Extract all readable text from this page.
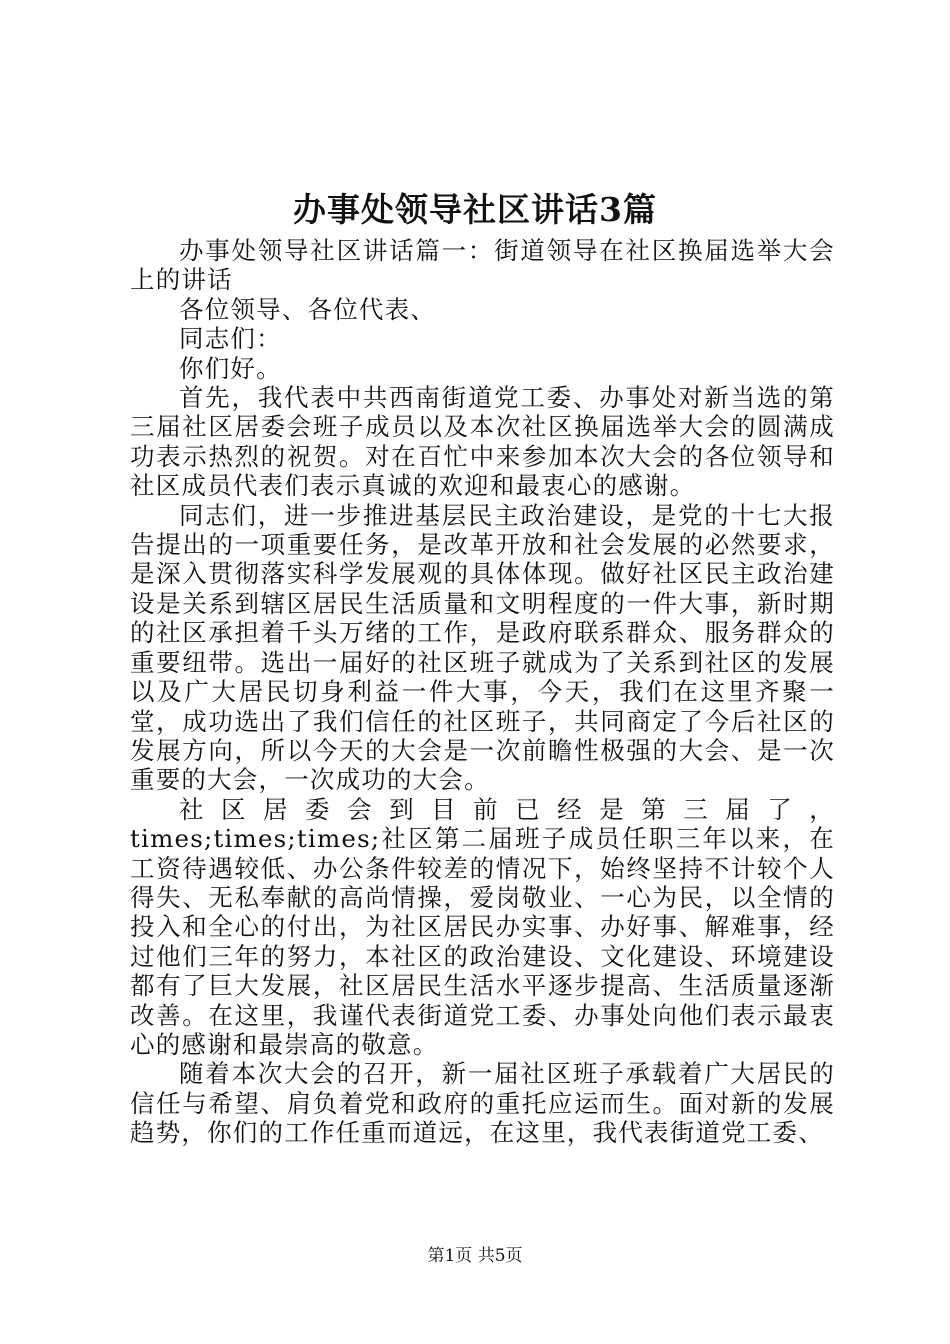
办事处领导社区讲话3篇

办事处领导社区讲话篇一：街道领导在社区换届选举大会上的讲话

各位领导、各位代表、

同志们：

你们好。

首先，我代表中共西南街道党工委、办事处对新当选的第三届社区居委会班子成员以及本次社区换届选举大会的圆满成功表示热烈的祝贺。对在百忙中来参加本次大会的各位领导和社区成员代表们表示真诚的欢迎和最衷心的感谢。

同志们，进一步推进基层民主政治建设，是党的十七大报告提出的一项重要任务，是改革开放和社会发展的必然要求，是深入贯彻落实科学发展观的具体体现。做好社区民主政治建设是关系到辖区居民生活质量和文明程度的一件大事，新时期的社区承担着千头万绪的工作，是政府联系群众、服务群众的重要纽带。选出一届好的社区班子就成为了关系到社区的发展以及广大居民切身利益一件大事，今天，我们在这里齐聚一堂，成功选出了我们信任的社区班子，共同商定了今后社区的发展方向，所以今天的大会是一次前瞻性极强的大会、是一次重要的大会，一次成功的大会。

社区居委会到目前已经是第三届了，times;times;times;社区第二届班子成员任职三年以来，在工资待遇较低、办公条件较差的情况下，始终坚持不计较个人得失、无私奉献的高尚情操，爱岗敬业、一心为民，以全情的投入和全心的付出，为社区居民办实事、办好事、解难事，经过他们三年的努力，本社区的政治建设、文化建设、环境建设都有了巨大发展，社区居民生活水平逐步提高、生活质量逐渐改善。在这里，我谨代表街道党工委、办事处向他们表示最衷心的感谢和最崇高的敬意。

随着本次大会的召开，新一届社区班子承载着广大居民的信任与希望、肩负着党和政府的重托应运而生。面对新的发展趋势，你们的工作任重而道远，在这里，我代表街道党工委、

第1页 共5页
